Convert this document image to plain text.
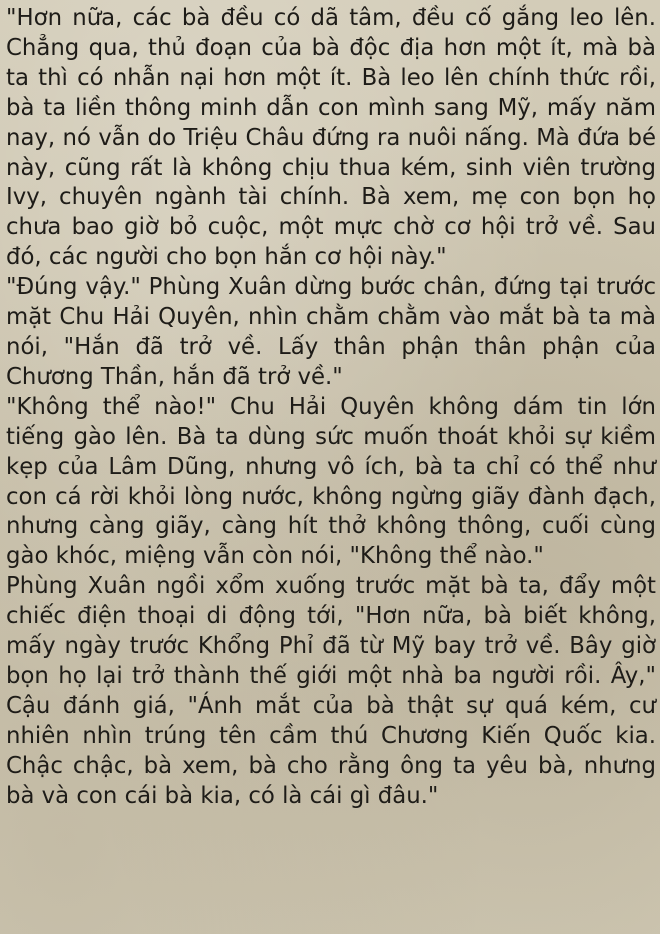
"Hơn nữa, các bà đều có dã tâm, đều cố gắng leo lên. Chẳng qua, thủ đoạn của bà độc địa hơn một ít, mà bà ta thì có nhẫn nại hơn một ít. Bà leo lên chính thức rồi, bà ta liền thông minh dẫn con mình sang Mỹ, mấy năm nay, nó vẫn do Triệu Châu đứng ra nuôi nấng. Mà đứa bé này, cũng rất là không chịu thua kém, sinh viên trường Ivy, chuyên ngành tài chính. Bà xem, mẹ con bọn họ chưa bao giờ bỏ cuộc, một mực chờ cơ hội trở về. Sau đó, các người cho bọn hắn cơ hội này."

"Đúng vậy." Phùng Xuân dừng bước chân, đứng tại trước mặt Chu Hải Quyên, nhìn chằm chằm vào mắt bà ta mà nói, "Hắn đã trở về. Lấy thân phận thân phận của Chương Thần, hắn đã trở về."

"Không thể nào!" Chu Hải Quyên không dám tin lớn tiếng gào lên. Bà ta dùng sức muốn thoát khỏi sự kiềm kẹp của Lâm Dũng, nhưng vô ích, bà ta chỉ có thể như con cá rời khỏi lòng nước, không ngừng giãy đành đạch, nhưng càng giãy, càng hít thở không thông, cuối cùng gào khóc, miệng vẫn còn nói, "Không thể nào."

Phùng Xuân ngồi xổm xuống trước mặt bà ta, đẩy một chiếc điện thoại di động tới, "Hơn nữa, bà biết không, mấy ngày trước Khổng Phỉ đã từ Mỹ bay trở về. Bây giờ bọn họ lại trở thành thế giới một nhà ba người rồi. Ây," Cậu đánh giá, "Ánh mắt của bà thật sự quá kém, cư nhiên nhìn trúng tên cầm thú Chương Kiến Quốc kia. Chậc chậc, bà xem, bà cho rằng ông ta yêu bà, nhưng bà và con cái bà kia, có là cái gì đâu."
